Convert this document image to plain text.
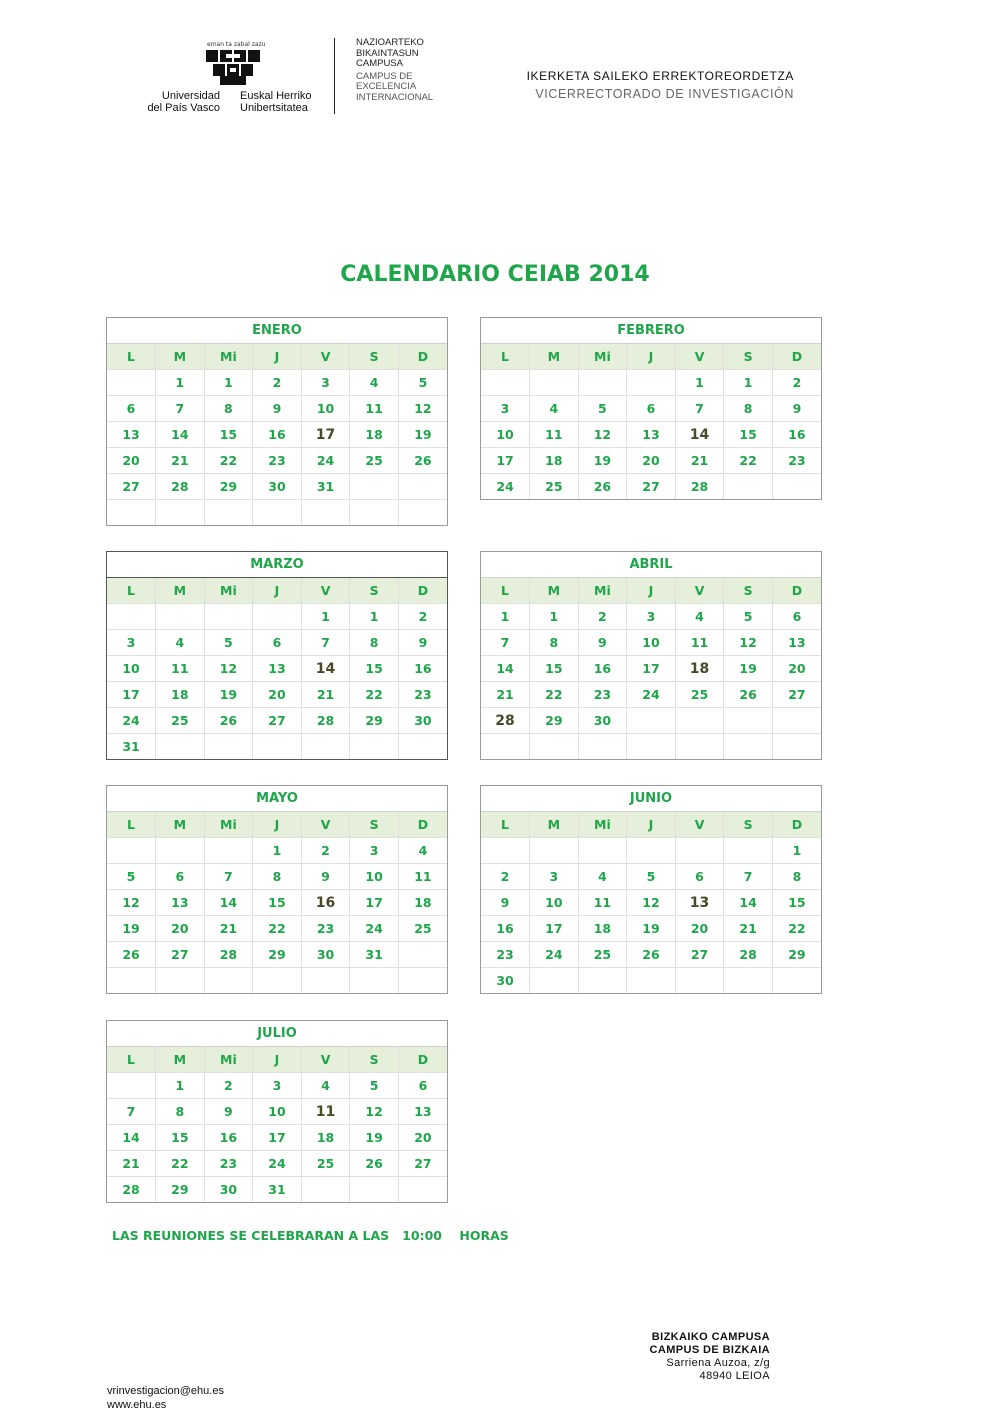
eman ta zabal zazu
Universidad
del País Vasco
Euskal Herriko
Unibertsitatea
NAZIOARTEKO
BIKAINTASUN
CAMPUSA
CAMPUS DE
EXCELENCIA
INTERNACIONAL
IKERKETA SAILEKO ERREKTOREORDETZA
VICERRECTORADO DE INVESTIGACIÓN
CALENDARIO CEIAB 2014
ENERO
L	M	Mi	J	V	S	D
	1	1	2	3	4	5
6	7	8	9	10	11	12
13	14	15	16	17	18	19
20	21	22	23	24	25	26
27	28	29	30	31		

FEBRERO
L	M	Mi	J	V	S	D
				1	1	2
3	4	5	6	7	8	9
10	11	12	13	14	15	16
17	18	19	20	21	22	23
24	25	26	27	28		
MARZO
L	M	Mi	J	V	S	D
				1	1	2
3	4	5	6	7	8	9
10	11	12	13	14	15	16
17	18	19	20	21	22	23
24	25	26	27	28	29	30
31						
ABRIL
L	M	Mi	J	V	S	D
1	1	2	3	4	5	6
7	8	9	10	11	12	13
14	15	16	17	18	19	20
21	22	23	24	25	26	27
28	29	30				

MAYO
L	M	Mi	J	V	S	D
			1	2	3	4
5	6	7	8	9	10	11
12	13	14	15	16	17	18
19	20	21	22	23	24	25
26	27	28	29	30	31	

JUNIO
L	M	Mi	J	V	S	D
						1
2	3	4	5	6	7	8
9	10	11	12	13	14	15
16	17	18	19	20	21	22
23	24	25	26	27	28	29
30						
JULIO
L	M	Mi	J	V	S	D
	1	2	3	4	5	6
7	8	9	10	11	12	13
14	15	16	17	18	19	20
21	22	23	24	25	26	27
28	29	30	31			
LAS REUNIONES SE CELEBRARAN A LAS   10:00    HORAS
BIZKAIKO CAMPUSA
CAMPUS DE BIZKAIA
Sarriena Auzoa, z/g
48940 LEIOA
vrinvestigacion@ehu.es
www.ehu.es
